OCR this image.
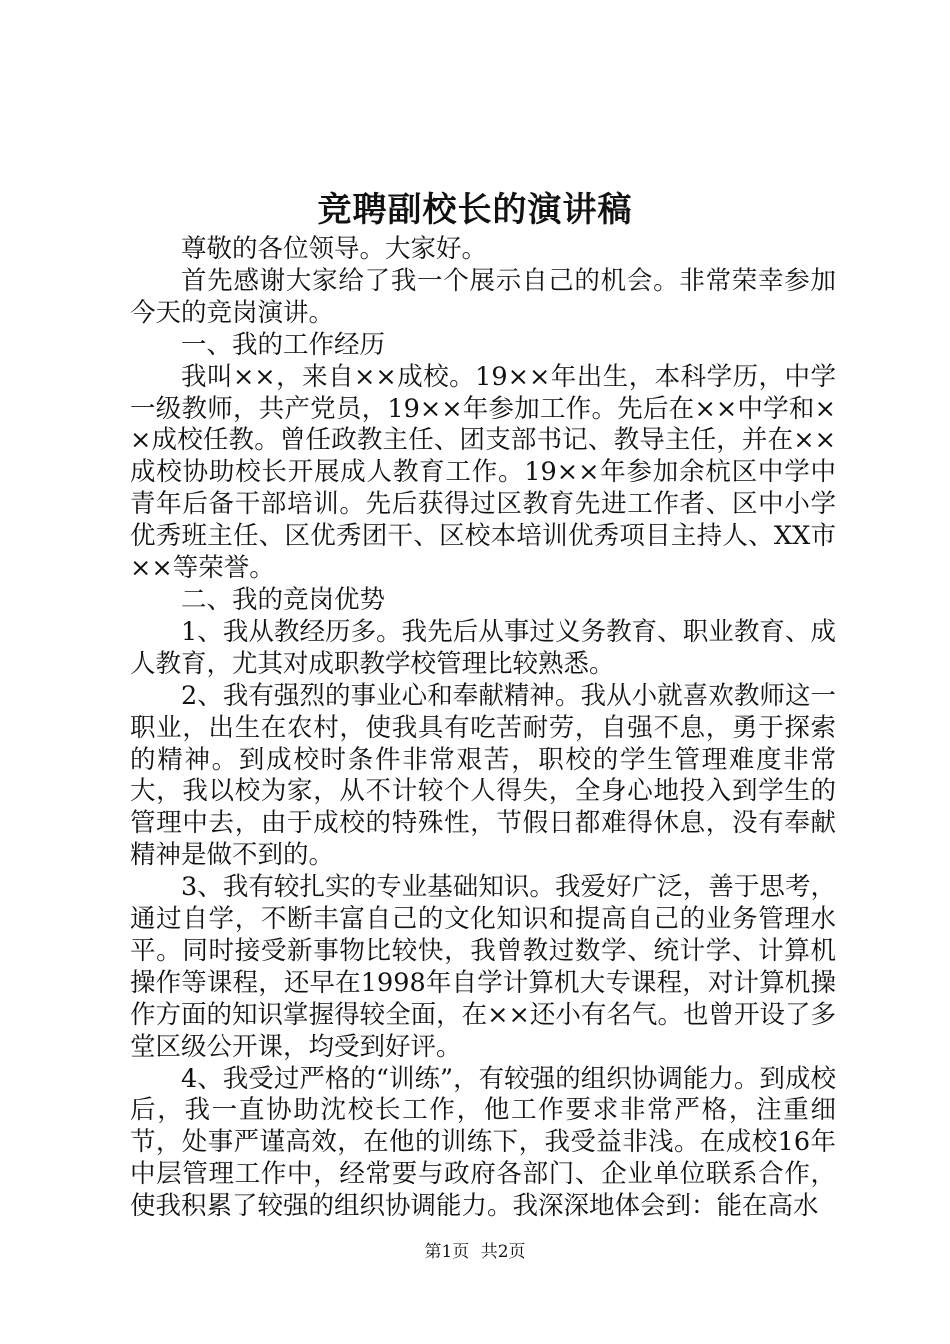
竞聘副校长的演讲稿

尊敬的各位领导。大家好。

首先感谢大家给了我一个展示自己的机会。非常荣幸参加今天的竞岗演讲。

一、我的工作经历

我叫××，来自××成校。19××年出生，本科学历，中学一级教师，共产党员，19××年参加工作。先后在××中学和××成校任教。曾任政教主任、团支部书记、教导主任，并在××成校协助校长开展成人教育工作。19××年参加余杭区中学中青年后备干部培训。先后获得过区教育先进工作者、区中小学优秀班主任、区优秀团干、区校本培训优秀项目主持人、XX市××等荣誉。

二、我的竞岗优势

1、我从教经历多。我先后从事过义务教育、职业教育、成人教育，尤其对成职教学校管理比较熟悉。

2、我有强烈的事业心和奉献精神。我从小就喜欢教师这一职业，出生在农村，使我具有吃苦耐劳，自强不息，勇于探索的精神。到成校时条件非常艰苦，职校的学生管理难度非常大，我以校为家，从不计较个人得失，全身心地投入到学生的管理中去，由于成校的特殊性，节假日都难得休息，没有奉献精神是做不到的。

3、我有较扎实的专业基础知识。我爱好广泛，善于思考，通过自学，不断丰富自己的文化知识和提高自己的业务管理水平。同时接受新事物比较快，我曾教过数学、统计学、计算机操作等课程，还早在1998年自学计算机大专课程，对计算机操作方面的知识掌握得较全面，在××还小有名气。也曾开设了多堂区级公开课，均受到好评。

4、我受过严格的“训练”，有较强的组织协调能力。到成校后，我一直协助沈校长工作，他工作要求非常严格，注重细节，处事严谨高效，在他的训练下，我受益非浅。在成校16年中层管理工作中，经常要与政府各部门、企业单位联系合作，使我积累了较强的组织协调能力。我深深地体会到：能在高水

第1页 共2页
